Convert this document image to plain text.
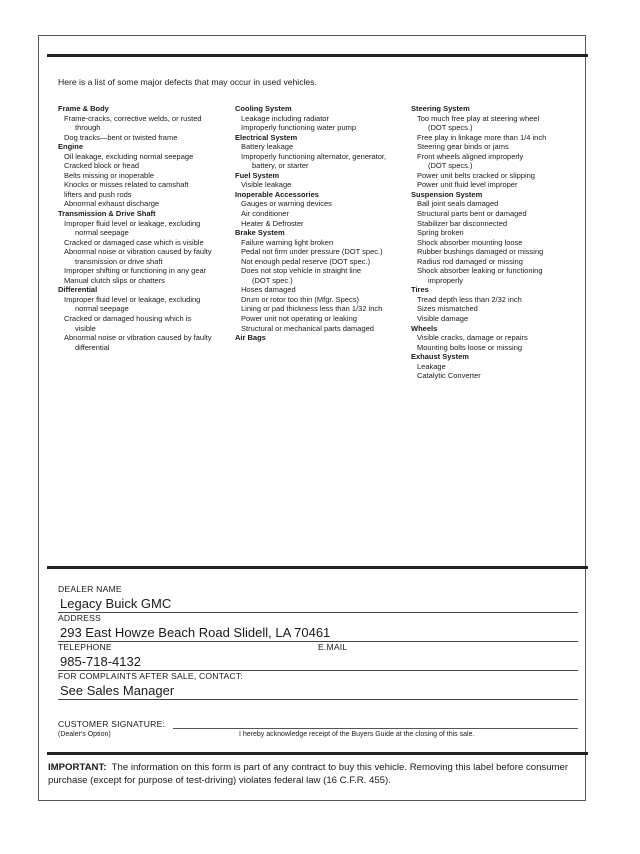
Here is a list of some major defects that may occur in used vehicles.
Frame & Body
Frame-cracks, corrective welds, or rusted
through
Dog tracks—bent or twisted frame
Engine
Oil leakage, excluding normal seepage
Cracked block or head
Belts missing or inoperable
Knocks or misses related to camshaft
lifters and push rods
Abnormal exhaust discharge
Transmission & Drive Shaft
Improper fluid level or leakage, excluding
normal seepage
Cracked or damaged case which is visible
Abnormal noise or vibration caused by faulty
transmission or drive shaft
Improper shifting or functioning in any gear
Manual clutch slips or chatters
Differential
Improper fluid level or leakage, excluding
normal seepage
Cracked or damaged housing which is
visible
Abnormal noise or vibration caused by faulty
differential
Cooling System
Leakage including radiator
Improperly functioning water pump
Electrical System
Battery leakage
Improperly functioning alternator, generator,
battery, or starter
Fuel System
Visible leakage
Inoperable Accessories
Gauges or warning devices
Air conditioner
Heater & Defroster
Brake System
Failure warning light broken
Pedal not firm under pressure (DOT spec.)
Not enough pedal reserve (DOT spec.)
Does not stop vehicle in straight line
(DOT spec.)
Hoses damaged
Drum or rotor too thin (Mfgr. Specs)
Lining or pad thickness less than 1/32 inch
Power unit not operating or leaking
Structural or mechanical parts damaged
Air Bags
Steering System
Too much free play at steering wheel
(DOT specs.)
Free play in linkage more than 1/4 inch
Steering gear binds or jams
Front wheels aligned improperly
(DOT specs.)
Power unit belts cracked or slipping
Power unit fluid level improper
Suspension System
Ball joint seals damaged
Structural parts bent or damaged
Stabilizer bar disconnected
Spring broken
Shock absorber mounting loose
Rubber bushings damaged or missing
Radius rod damaged or missing
Shock absorber leaking or functioning
improperly
Tires
Tread depth less than 2/32 inch
Sizes mismatched
Visible damage
Wheels
Visible cracks, damage or repairs
Mounting bolts loose or missing
Exhaust System
Leakage
Catalytic Converter
DEALER NAME
Legacy Buick GMC
ADDRESS
293 East Howze Beach Road Slidell, LA 70461
TELEPHONE	E.MAIL
985-718-4132
FOR COMPLAINTS AFTER SALE, CONTACT:
See Sales Manager
CUSTOMER SIGNATURE:
(Dealer's Option)	I hereby acknowledge receipt of the Buyers Guide at the closing of this sale.
IMPORTANT: The information on this form is part of any contract to buy this vehicle. Removing this label before consumer purchase (except for purpose of test-driving) violates federal law (16 C.F.R. 455).
